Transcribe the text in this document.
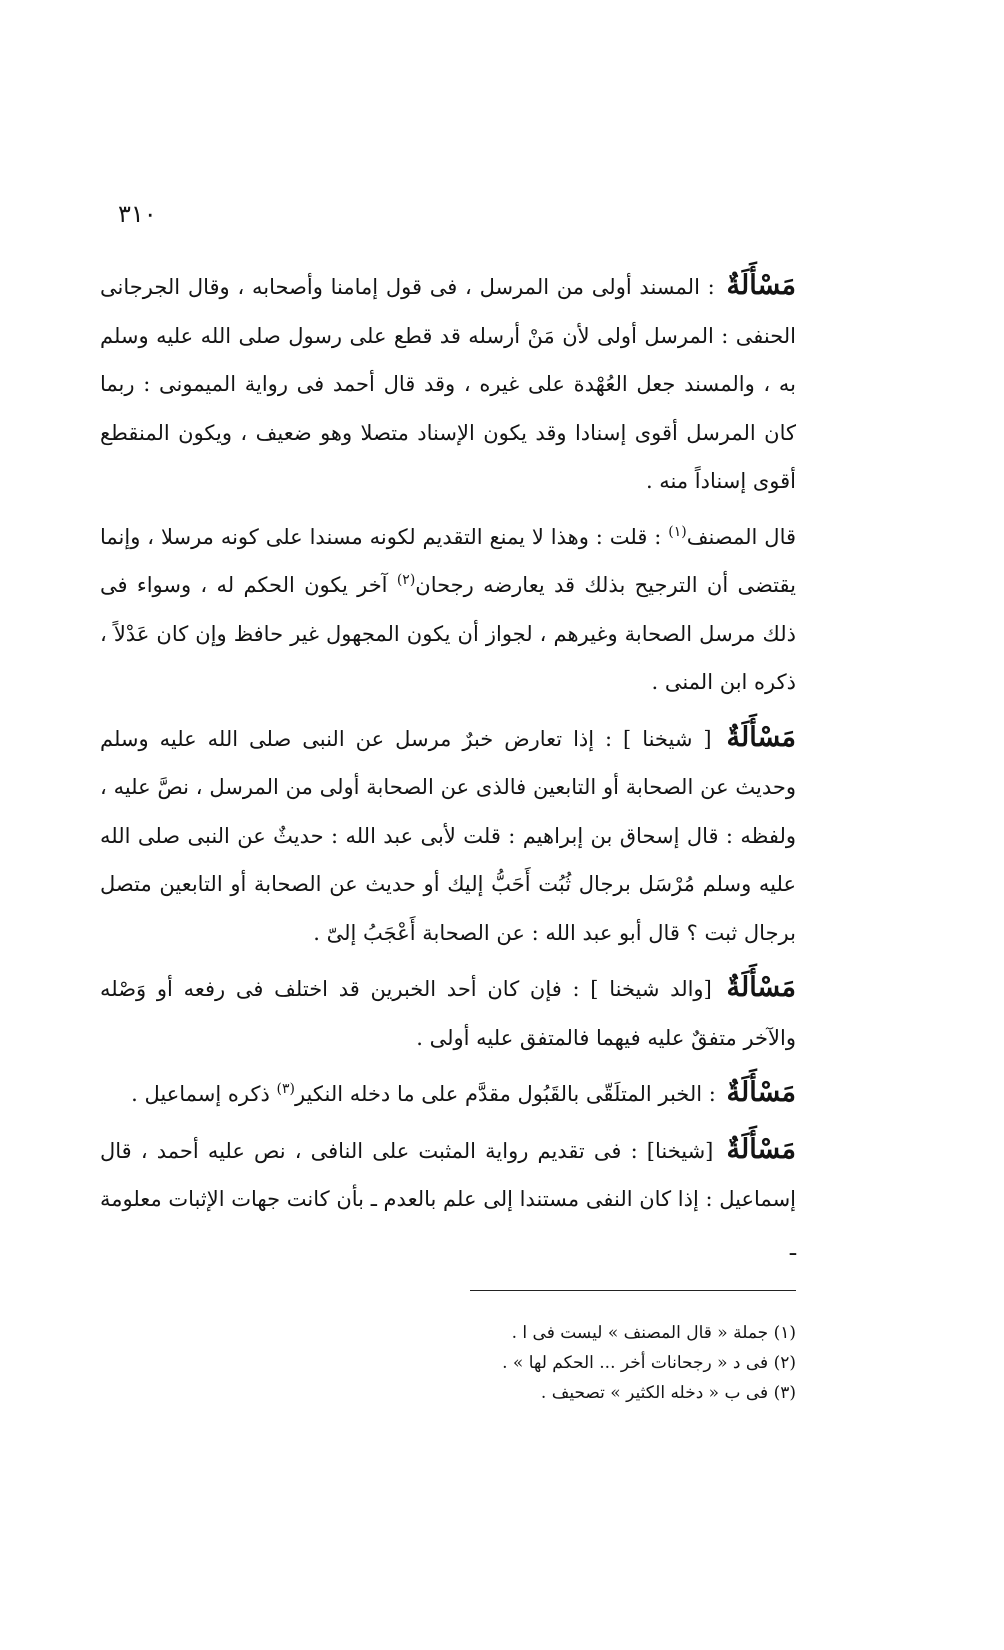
٣١٠

مَسْأَلَةٌ : المسند أولى من المرسل ، فى قول إمامنا وأصحابه ، وقال الجرجانى الحنفى : المرسل أولى لأن مَنْ أرسله قد قطع على رسول صلى الله عليه وسلم به ، والمسند جعل العُهْدة على غيره ، وقد قال أحمد فى رواية الميمونى : ربما كان المرسل أقوى إسنادا وقد يكون الإسناد متصلا وهو ضعيف ، ويكون المنقطع أقوى إسناداً منه .

قال المصنف$^{(١)}$ : قلت : وهذا لا يمنع التقديم لكونه مسندا على كونه مرسلا ، وإنما يقتضى أن الترجيح بذلك قد يعارضه رجحان$^{(٢)}$ آخر يكون الحكم له ، وسواء فى ذلك مرسل الصحابة وغيرهم ، لجواز أن يكون المجهول غير حافظ وإن كان عَدْلاً ، ذكره ابن المنى .

مَسْأَلَةٌ [ شيخنا ] : إذا تعارض خبرٌ مرسل عن النبى صلى الله عليه وسلم وحديث عن الصحابة أو التابعين فالذى عن الصحابة أولى من المرسل ، نصَّ عليه ، ولفظه : قال إسحاق بن إبراهيم : قلت لأبى عبد الله : حديثٌ عن النبى صلى الله عليه وسلم مُرْسَل برجال ثُبُت أَحَبُّ إليك أو حديث عن الصحابة أو التابعين متصل برجال ثبت ؟ قال أبو عبد الله : عن الصحابة أَعْجَبُ إلىّ .

مَسْأَلَةٌ [والد شيخنا ] : فإن كان أحد الخبرين قد اختلف فى رفعه أو وَصْله والآخر متفقٌ عليه فيهما فالمتفق عليه أولى .

مَسْأَلَةٌ : الخبر المتلَقّى بالقَبُول مقدَّم على ما دخله النكير$^{(٣)}$ ذكره إسماعيل .

مَسْأَلَةٌ [شيخنا] : فى تقديم رواية المثبت على النافى ، نص عليه أحمد ، قال إسماعيل : إذا كان النفى مستندا إلى علم بالعدم ـ بأن كانت جهات الإثبات معلومة ـ

(١) جملة « قال المصنف » ليست فى ا .

(٢) فى د « رجحانات أخر ... الحكم لها » .

(٣) فى ب « دخله الكثير » تصحيف .
